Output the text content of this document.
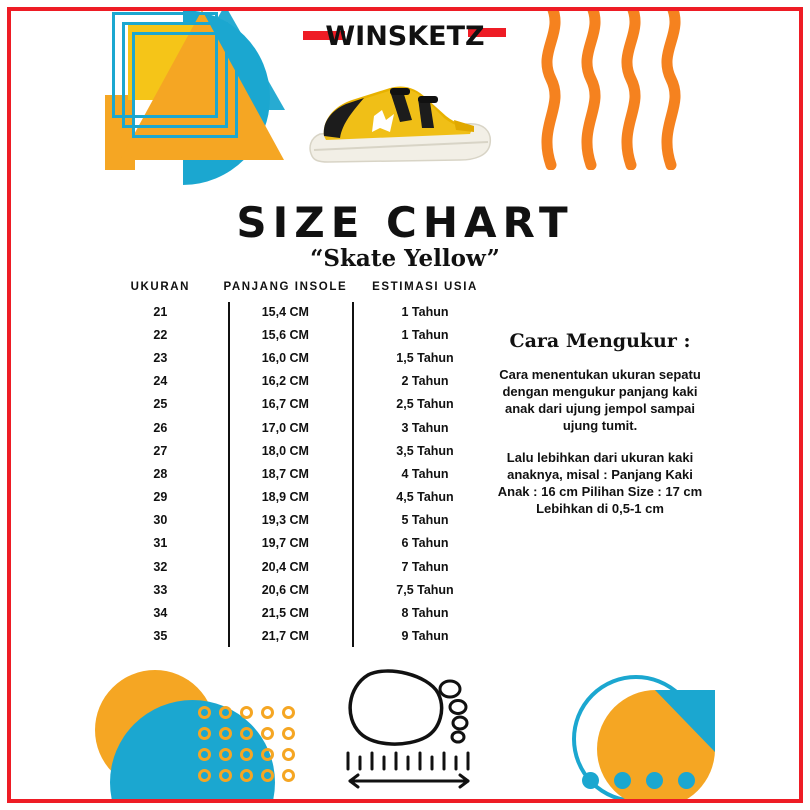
WINSKETZ
SIZE CHART
“Skate Yellow”
UKURAN	PANJANG INSOLE	ESTIMASI USIA
21	15,4 CM	1 Tahun
22	15,6 CM	1 Tahun
23	16,0 CM	1,5 Tahun
24	16,2 CM	2 Tahun
25	16,7 CM	2,5 Tahun
26	17,0 CM	3 Tahun
27	18,0 CM	3,5 Tahun
28	18,7 CM	4 Tahun
29	18,9 CM	4,5 Tahun
30	19,3 CM	5 Tahun
31	19,7 CM	6 Tahun
32	20,4 CM	7 Tahun
33	20,6 CM	7,5 Tahun
34	21,5 CM	8 Tahun
35	21,7 CM	9 Tahun
Cara Mengukur :

Cara menentukan ukuran sepatu dengan mengukur panjang kaki anak dari ujung jempol sampai ujung tumit.

Lalu lebihkan dari ukuran kaki anaknya, misal : Panjang Kaki Anak : 16 cm Pilihan Size : 17 cm Lebihkan di 0,5-1 cm
